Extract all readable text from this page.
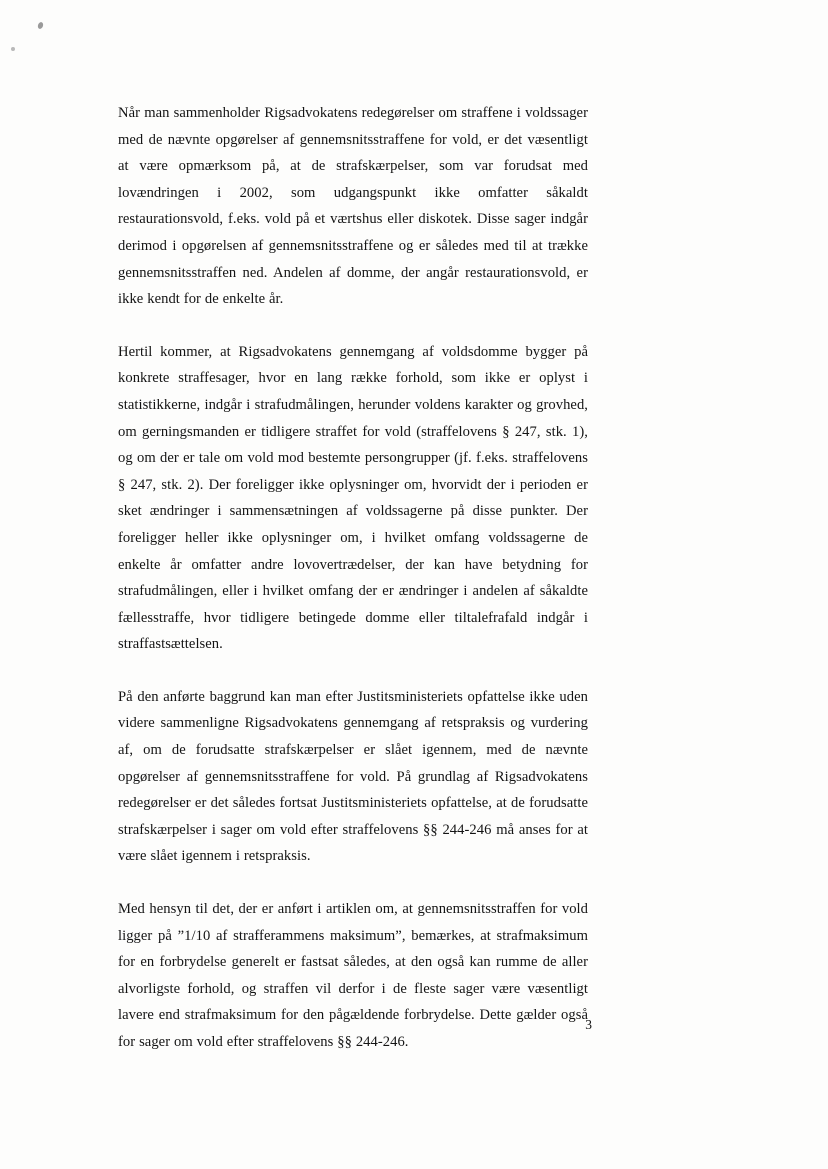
Når man sammenholder Rigsadvokatens redegørelser om straffene i voldssager med de nævnte opgørelser af gennemsnitsstraffene for vold, er det væsentligt at være opmærksom på, at de strafskærpelser, som var forudsat med lovændringen i 2002, som udgangspunkt ikke omfatter såkaldt restaurationsvold, f.eks. vold på et værtshus eller diskotek. Disse sager indgår derimod i opgørelsen af gennemsnitsstraffene og er således med til at trække gennemsnitsstraffen ned. Andelen af domme, der angår restaurationsvold, er ikke kendt for de enkelte år.

Hertil kommer, at Rigsadvokatens gennemgang af voldsdomme bygger på konkrete straffesager, hvor en lang række forhold, som ikke er oplyst i statistikkerne, indgår i strafudmålingen, herunder voldens karakter og grovhed, om gerningsmanden er tidligere straffet for vold (straffelovens § 247, stk. 1), og om der er tale om vold mod bestemte persongrupper (jf. f.eks. straffelovens § 247, stk. 2). Der foreligger ikke oplysninger om, hvorvidt der i perioden er sket ændringer i sammensætningen af voldssagerne på disse punkter. Der foreligger heller ikke oplysninger om, i hvilket omfang voldssagerne de enkelte år omfatter andre lovovertrædelser, der kan have betydning for strafudmålingen, eller i hvilket omfang der er ændringer i andelen af såkaldte fællesstraffe, hvor tidligere betingede domme eller tiltalefrafald indgår i straffastsættelsen.

På den anførte baggrund kan man efter Justitsministeriets opfattelse ikke uden videre sammenligne Rigsadvokatens gennemgang af retspraksis og vurdering af, om de forudsatte strafskærpelser er slået igennem, med de nævnte opgørelser af gennemsnitsstraffene for vold. På grundlag af Rigsadvokatens redegørelser er det således fortsat Justitsministeriets opfattelse, at de forudsatte strafskærpelser i sager om vold efter straffelovens §§ 244-246 må anses for at være slået igennem i retspraksis.

Med hensyn til det, der er anført i artiklen om, at gennemsnitsstraffen for vold ligger på ”1/10 af strafferammens maksimum”, bemærkes, at strafmaksimum for en forbrydelse generelt er fastsat således, at den også kan rumme de aller alvorligste forhold, og straffen vil derfor i de fleste sager være væsentligt lavere end strafmaksimum for den pågældende forbrydelse. Dette gælder også for sager om vold efter straffelovens §§ 244-246.

3
